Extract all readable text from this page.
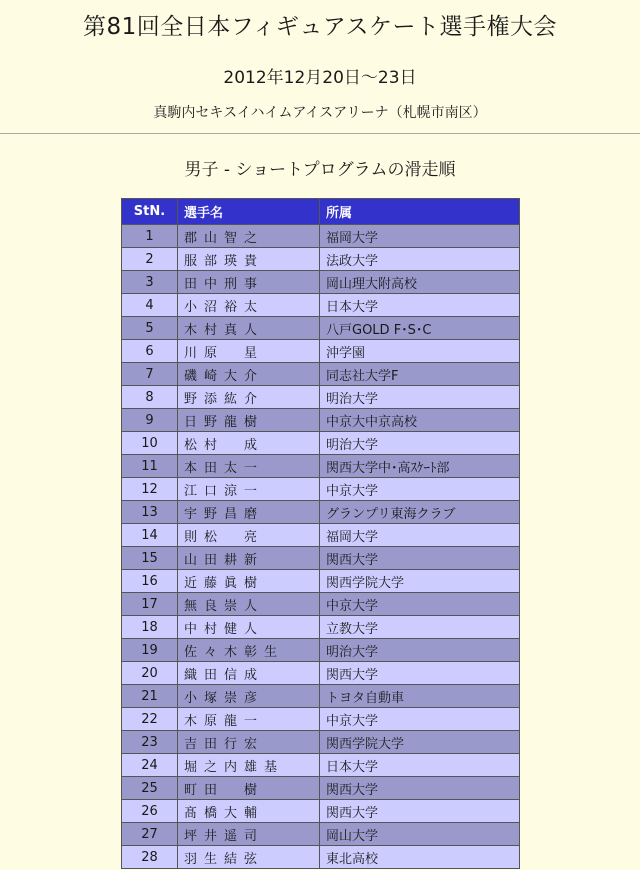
第81回全日本フィギュアスケート選手権大会
2012年12月20日～23日
真駒内セキスイハイムアイスアリーナ（札幌市南区）
男子 - ショートプログラムの滑走順
StN.	選手名	所属
1	郡山智之	福岡大学
2	服部瑛貴	法政大学
3	田中刑事	岡山理大附高校
4	小沼裕太	日本大学
5	木村真人	八戸GOLD F･S･C
6	川原　星	沖学園
7	磯崎大介	同志社大学F
8	野添紘介	明治大学
9	日野龍樹	中京大中京高校
10	松村　成	明治大学
11	本田太一	関西大学中･高ｽｹｰﾄ部
12	江口涼一	中京大学
13	宇野昌磨	グランプリ東海クラブ
14	則松　亮	福岡大学
15	山田耕新	関西大学
16	近藤眞樹	関西学院大学
17	無良崇人	中京大学
18	中村健人	立教大学
19	佐々木彰生	明治大学
20	織田信成	関西大学
21	小塚崇彦	トヨタ自動車
22	木原龍一	中京大学
23	吉田行宏	関西学院大学
24	堀之内雄基	日本大学
25	町田　樹	関西大学
26	髙橋大輔	関西大学
27	坪井遥司	岡山大学
28	羽生結弦	東北高校
